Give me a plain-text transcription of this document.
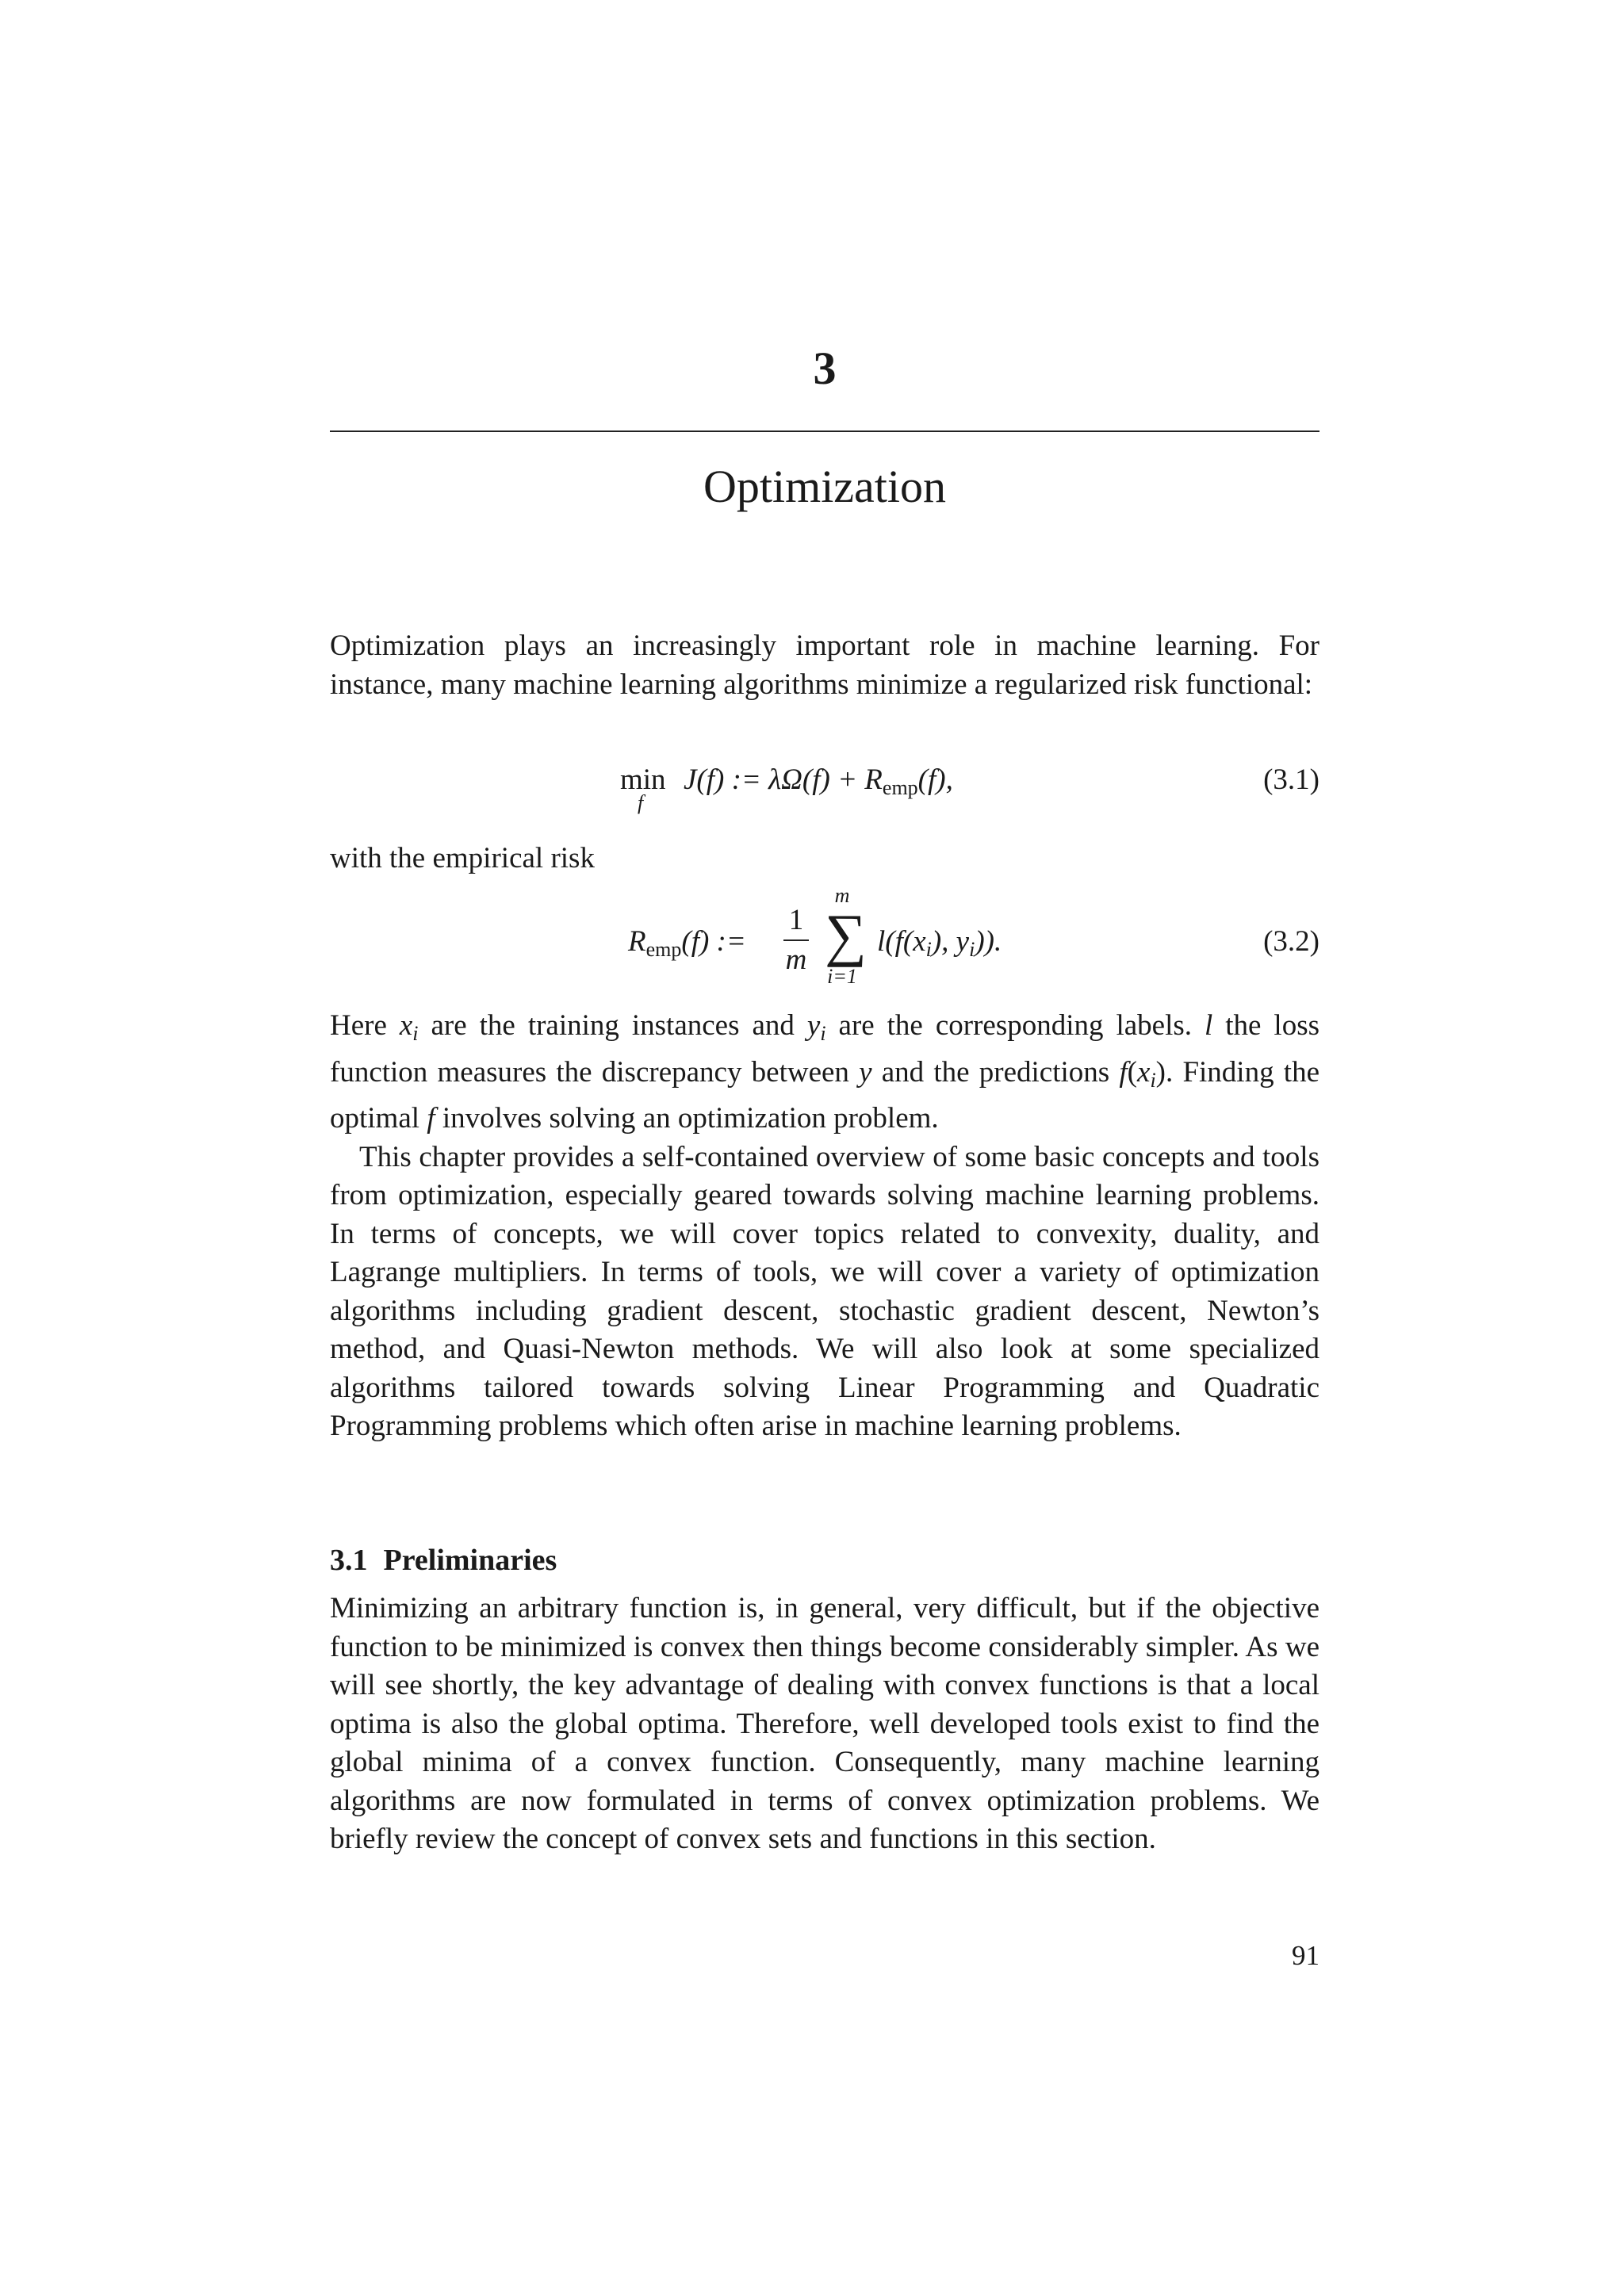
3
Optimization

Optimization plays an increasingly important role in machine learning. For instance, many machine learning algorithms minimize a regularized risk functional:

min
f
J(f) := $\lambda\Omega(f) + R_{emp}(f)$,	(3.1)

with the empirical risk

$R_{emp}(f)$ :=
1
m
m
∑
i=1
l(f(xi), yi)).	(3.2)

Here xi are the training instances and yi are the corresponding labels. l the loss function measures the discrepancy between y and the predictions f(xi). Finding the optimal f involves solving an optimization problem.

This chapter provides a self-contained overview of some basic concepts and tools from optimization, especially geared towards solving machine learning problems. In terms of concepts, we will cover topics related to convexity, duality, and Lagrange multipliers. In terms of tools, we will cover a variety of optimization algorithms including gradient descent, stochastic gradient descent, Newton’s method, and Quasi-Newton methods. We will also look at some specialized algorithms tailored towards solving Linear Programming and Quadratic Programming problems which often arise in machine learning problems.

3.1 Preliminaries

Minimizing an arbitrary function is, in general, very difficult, but if the objective function to be minimized is convex then things become considerably simpler. As we will see shortly, the key advantage of dealing with convex functions is that a local optima is also the global optima. Therefore, well developed tools exist to find the global minima of a convex function. Consequently, many machine learning algorithms are now formulated in terms of convex optimization problems. We briefly review the concept of convex sets and functions in this section.

91
